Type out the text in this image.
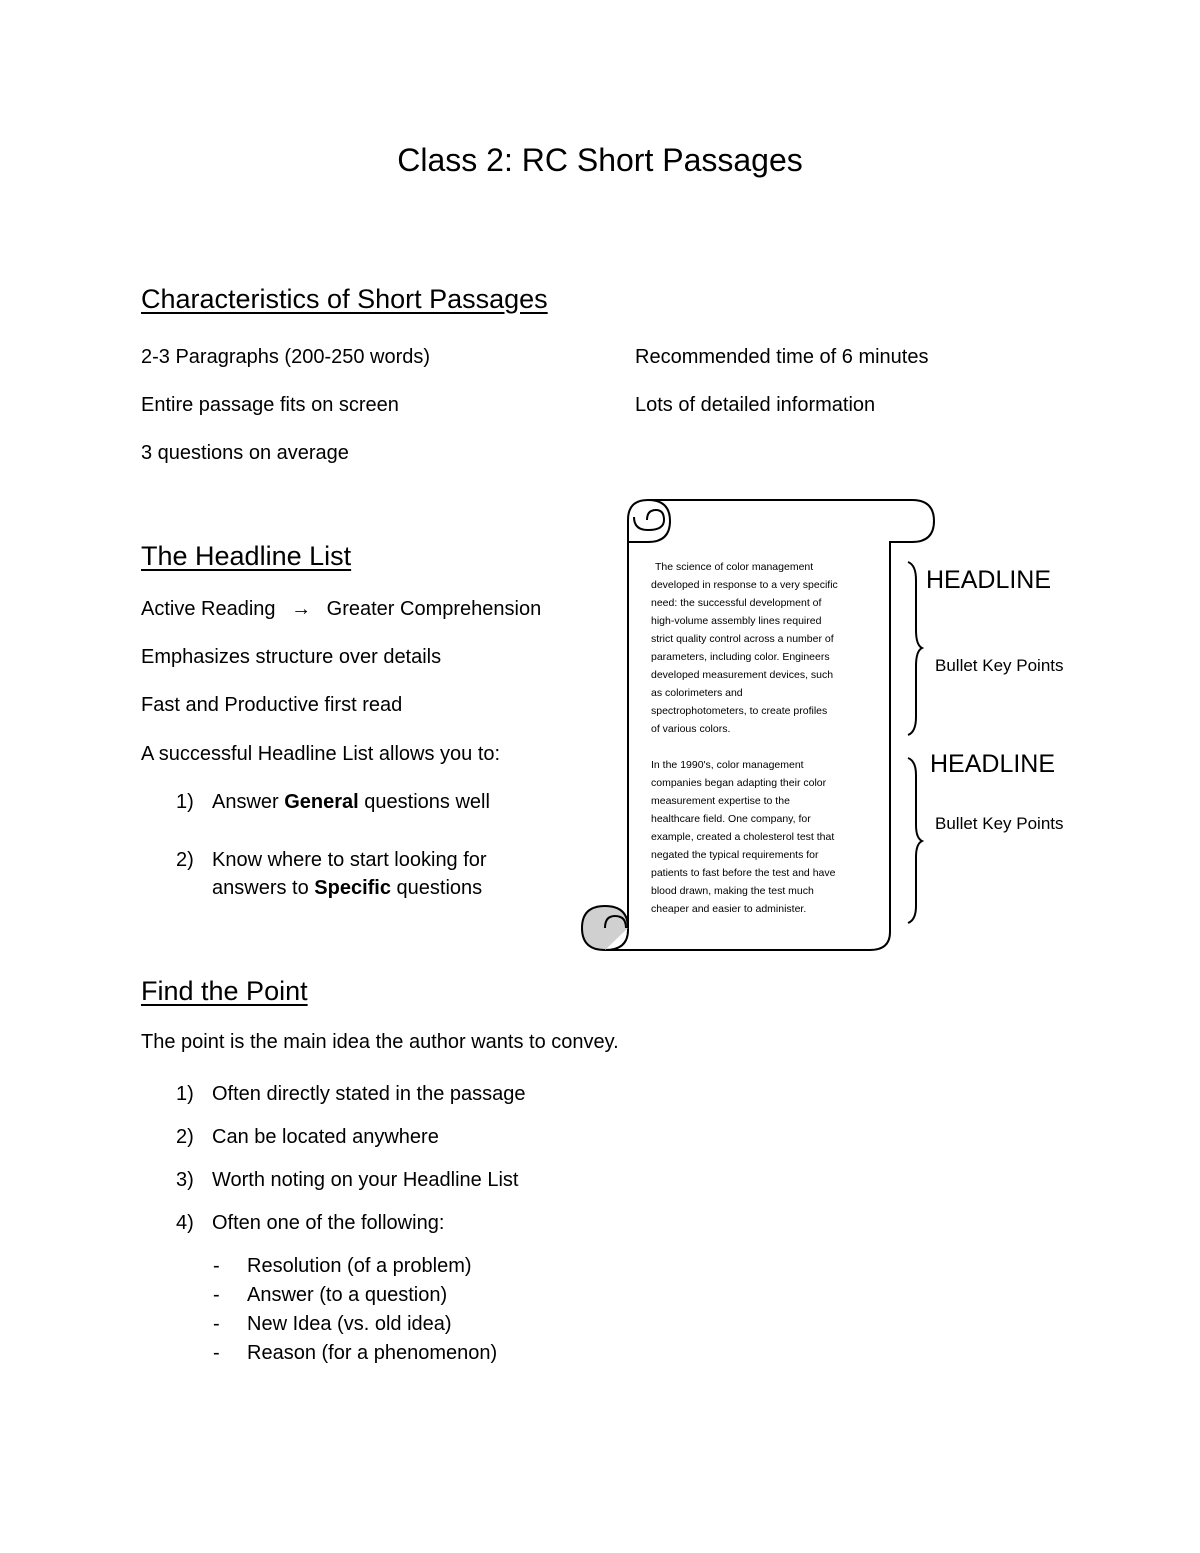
Class 2: RC Short Passages
Characteristics of Short Passages
2-3 Paragraphs (200-250 words)
Entire passage fits on screen
3 questions on average
Recommended time of 6 minutes
Lots of detailed information
The Headline List
Active Reading → Greater Comprehension
Emphasizes structure over details
Fast and Productive first read
A successful Headline List allows you to:
1) Answer General questions well
2) Know where to start looking for
answers to Specific questions
The science of color management
developed in response to a very specific
need: the successful development of
high-volume assembly lines required
strict quality control across a number of
parameters, including color. Engineers
developed measurement devices, such
as colorimeters and
spectrophotometers, to create profiles
of various colors.
In the 1990's, color management
companies began adapting their color
measurement expertise to the
healthcare field. One company, for
example, created a cholesterol test that
negated the typical requirements for
patients to fast before the test and have
blood drawn, making the test much
cheaper and easier to administer.
HEADLINE
Bullet Key Points
HEADLINE
Bullet Key Points
Find the Point
The point is the main idea the author wants to convey.
1) Often directly stated in the passage
2) Can be located anywhere
3) Worth noting on your Headline List
4) Often one of the following:
- Resolution (of a problem)
- Answer (to a question)
- New Idea (vs. old idea)
- Reason (for a phenomenon)
